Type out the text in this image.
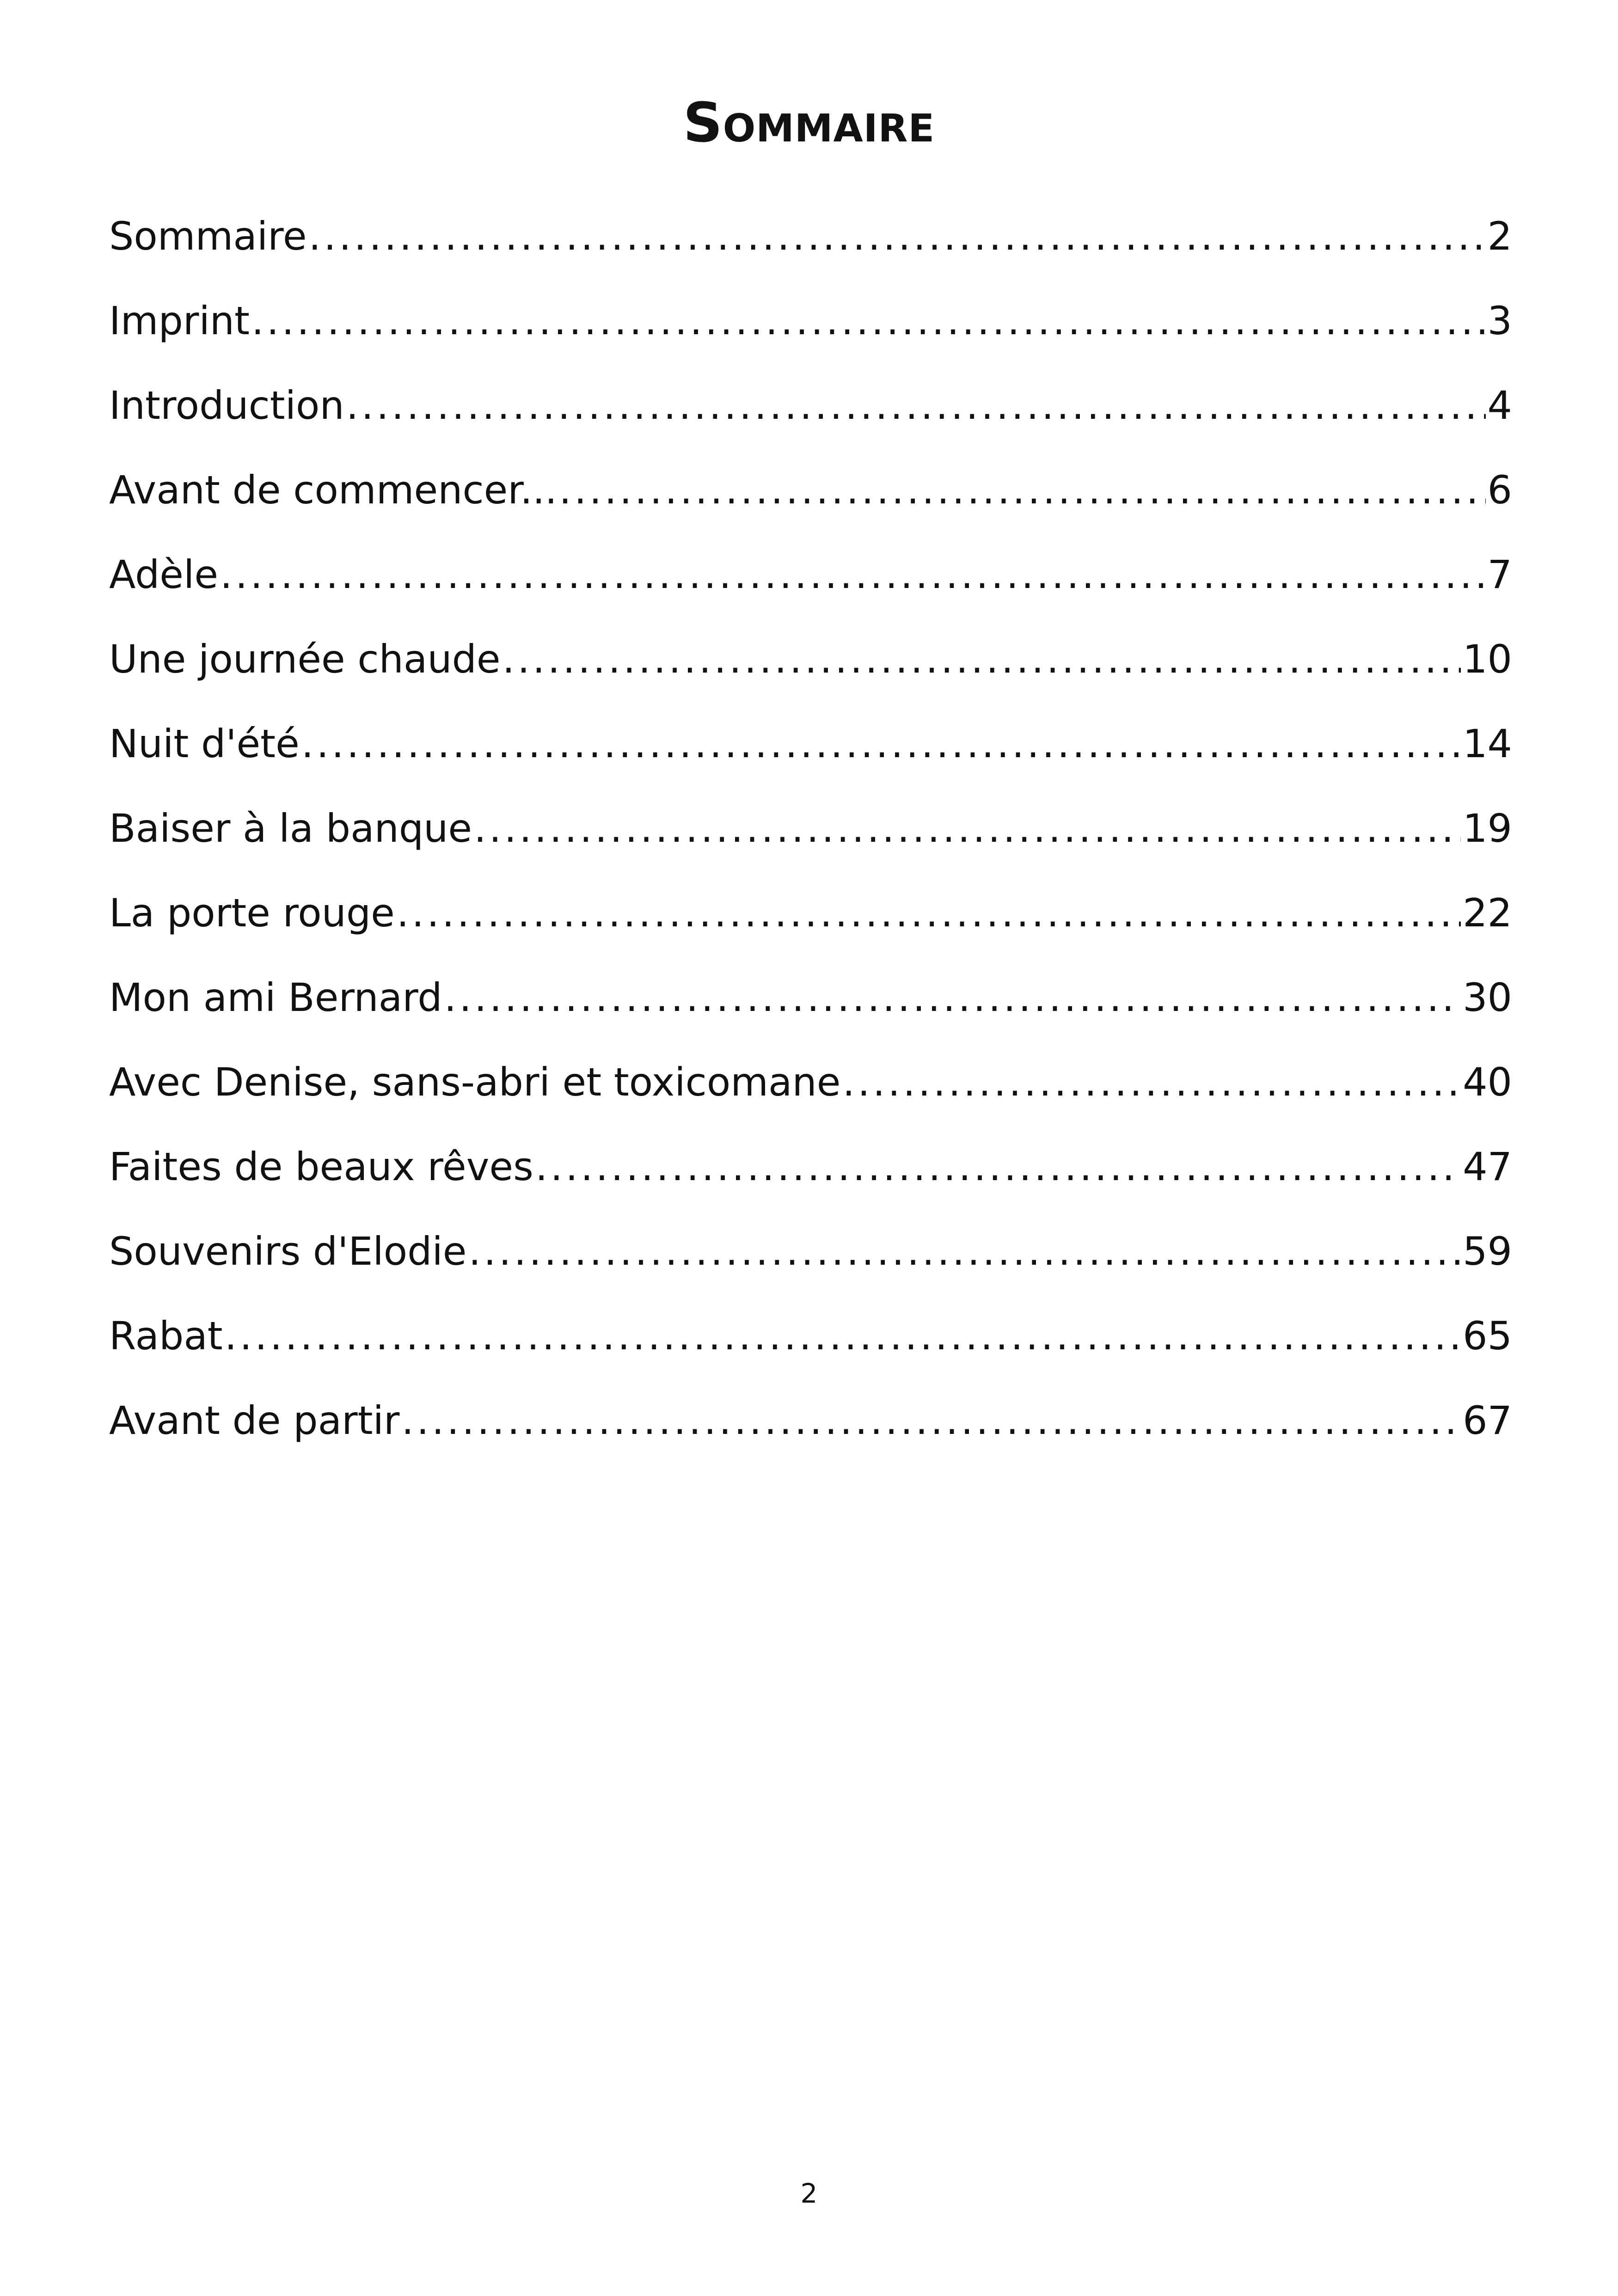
Sommaire
Sommaire .....	2
Imprint .....	3
Introduction .....	4
Avant de commencer... .....	6
Adèle .....	7
Une journée chaude .....	10
Nuit d'été .....	14
Baiser à la banque .....	19
La porte rouge .....	22
Mon ami Bernard .....	30
Avec Denise, sans-abri et toxicomane .....	40
Faites de beaux rêves .....	47
Souvenirs d'Elodie .....	59
Rabat .....	65
Avant de partir .....	67
2
